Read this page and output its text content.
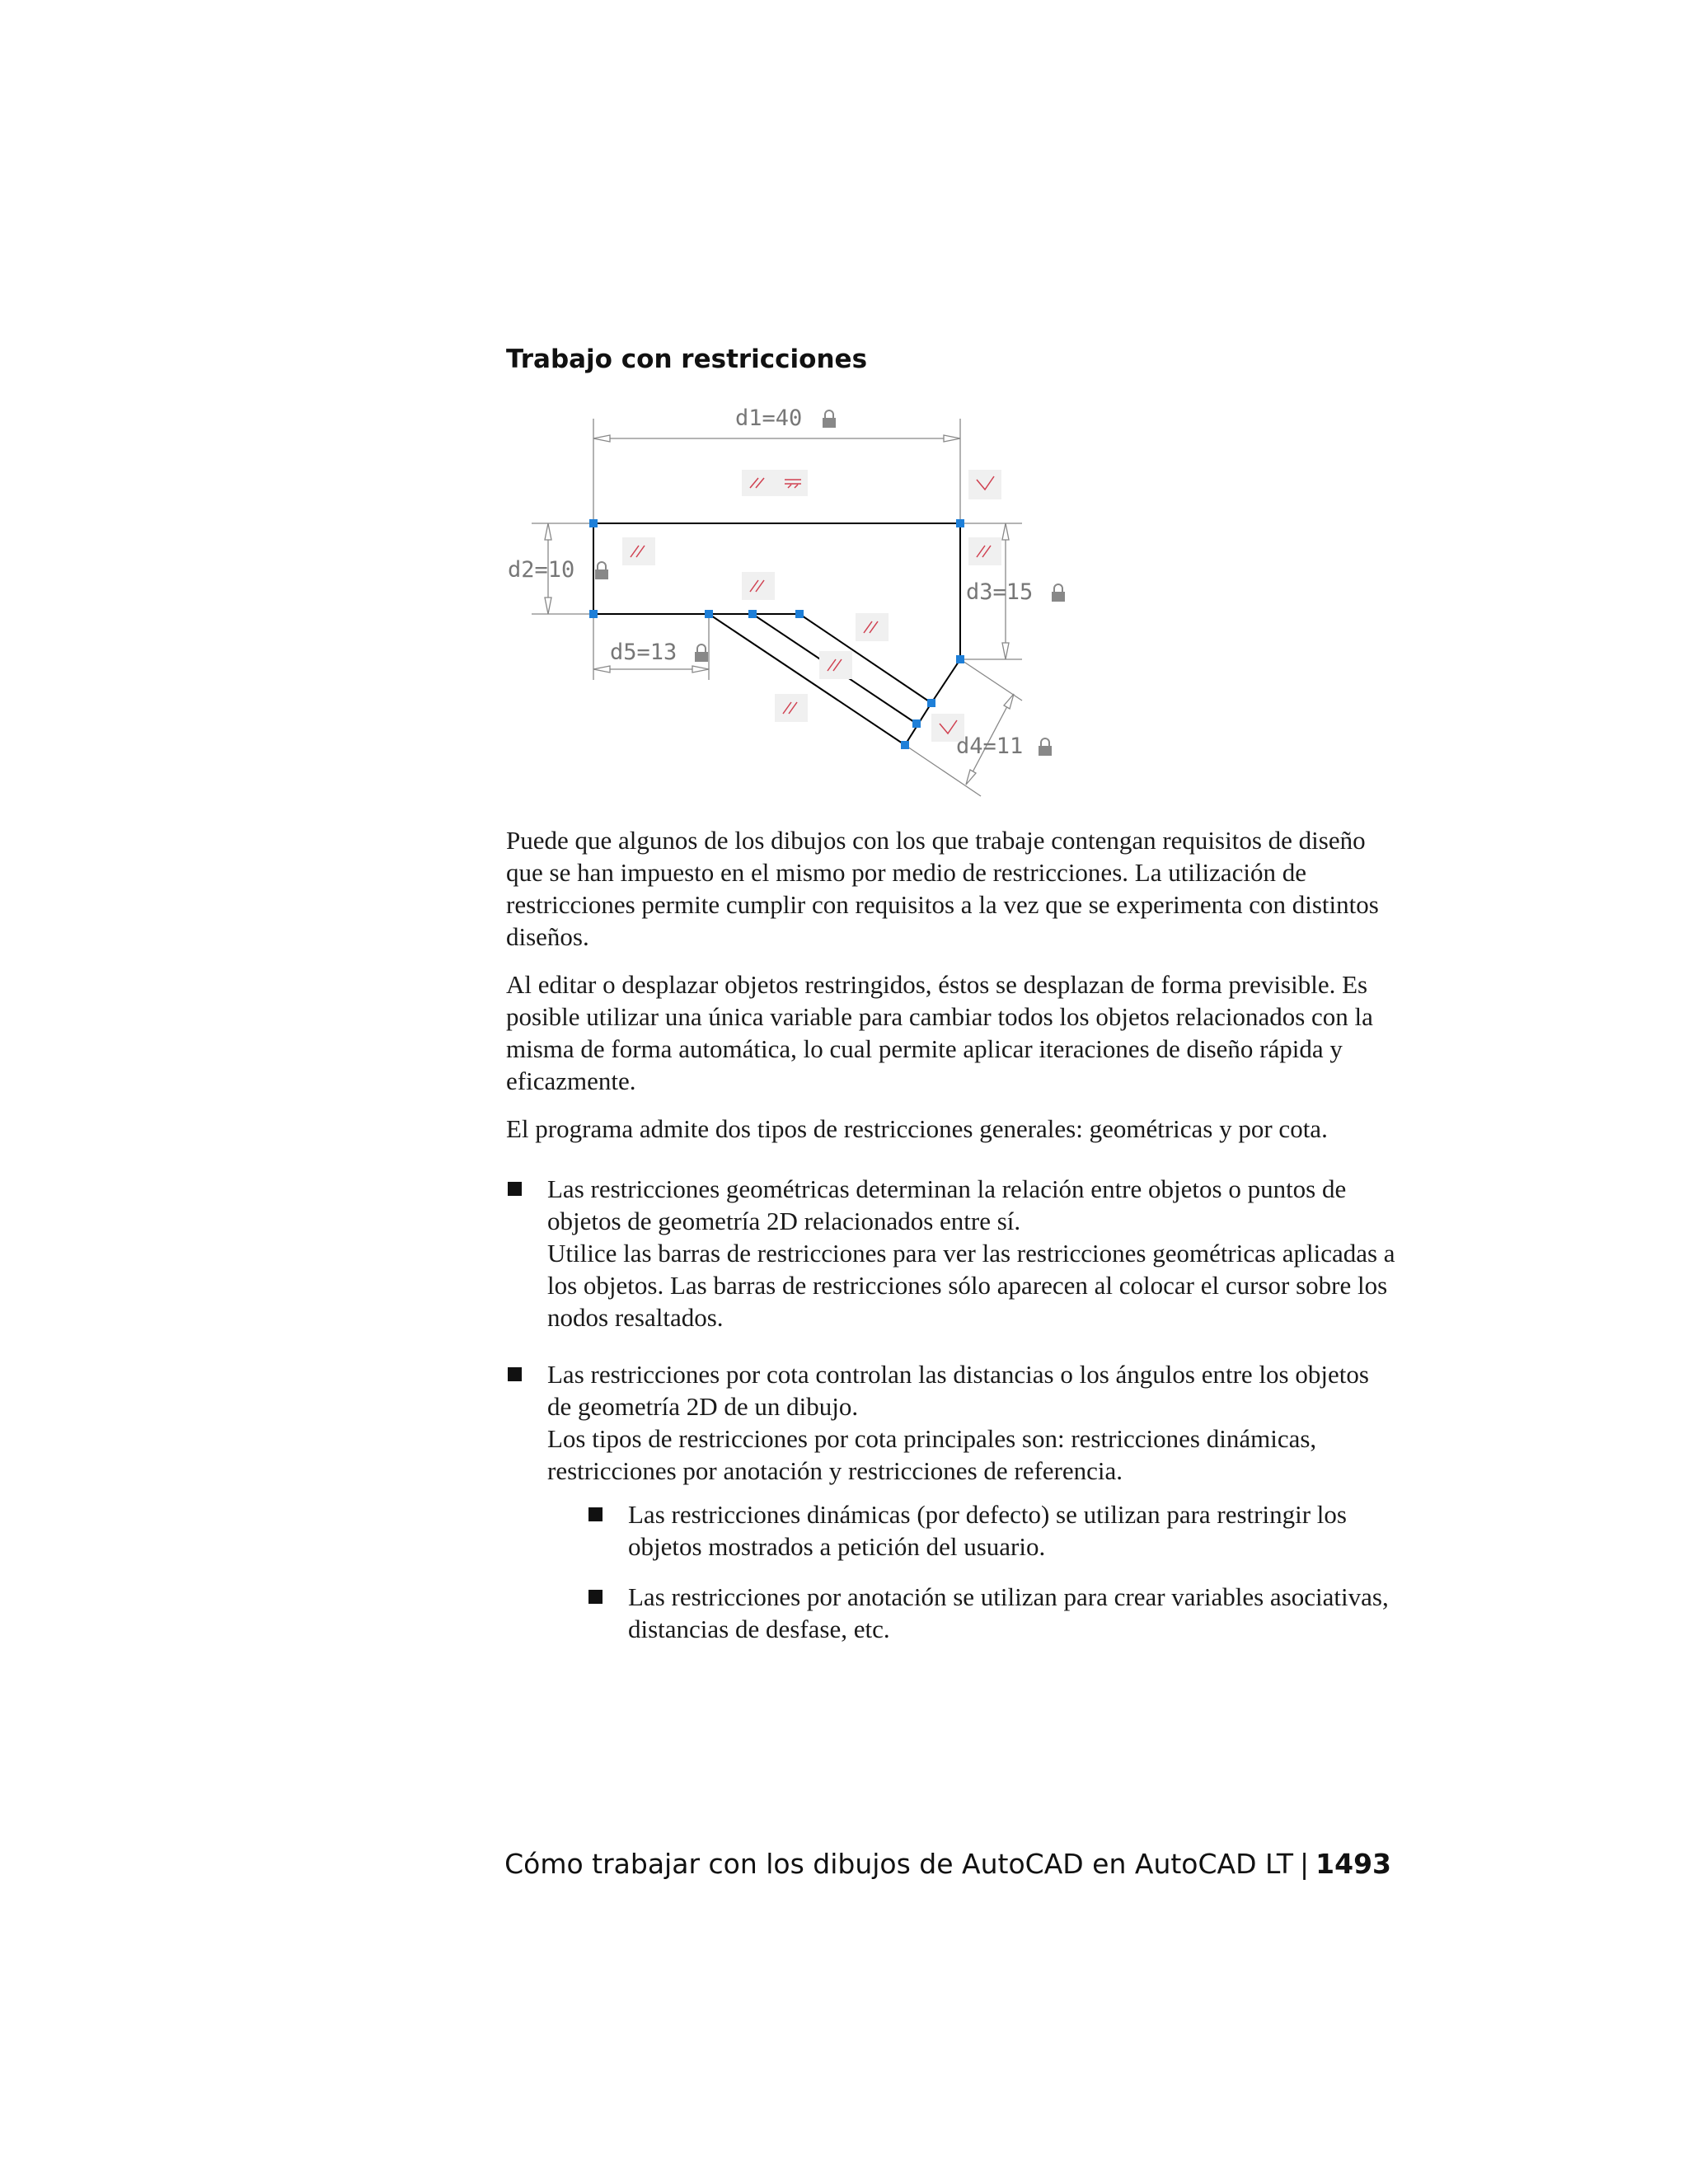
Trabajo con restricciones
d1=40
d2=10
d3=15
d5=13
d4=11

Puede que algunos de los dibujos con los que trabaje contengan requisitos de diseño que se han impuesto en el mismo por medio de restricciones. La utilización de restricciones permite cumplir con requisitos a la vez que se experimenta con distintos diseños.

Al editar o desplazar objetos restringidos, éstos se desplazan de forma previsible. Es posible utilizar una única variable para cambiar todos los objetos relacionados con la misma de forma automática, lo cual permite aplicar iteraciones de diseño rápida y eficazmente.

El programa admite dos tipos de restricciones generales: geométricas y por cota.

Las restricciones geométricas determinan la relación entre objetos o puntos de objetos de geometría 2D relacionados entre sí.
Utilice las barras de restricciones para ver las restricciones geométricas aplicadas a los objetos. Las barras de restricciones sólo aparecen al colocar el cursor sobre los nodos resaltados.
Las restricciones por cota controlan las distancias o los ángulos entre los objetos de geometría 2D de un dibujo.
Los tipos de restricciones por cota principales son: restricciones dinámicas, restricciones por anotación y restricciones de referencia.
Las restricciones dinámicas (por defecto) se utilizan para restringir los objetos mostrados a petición del usuario.
Las restricciones por anotación se utilizan para crear variables asociativas, distancias de desfase, etc.
Cómo trabajar con los dibujos de AutoCAD en AutoCAD LT | 1493
